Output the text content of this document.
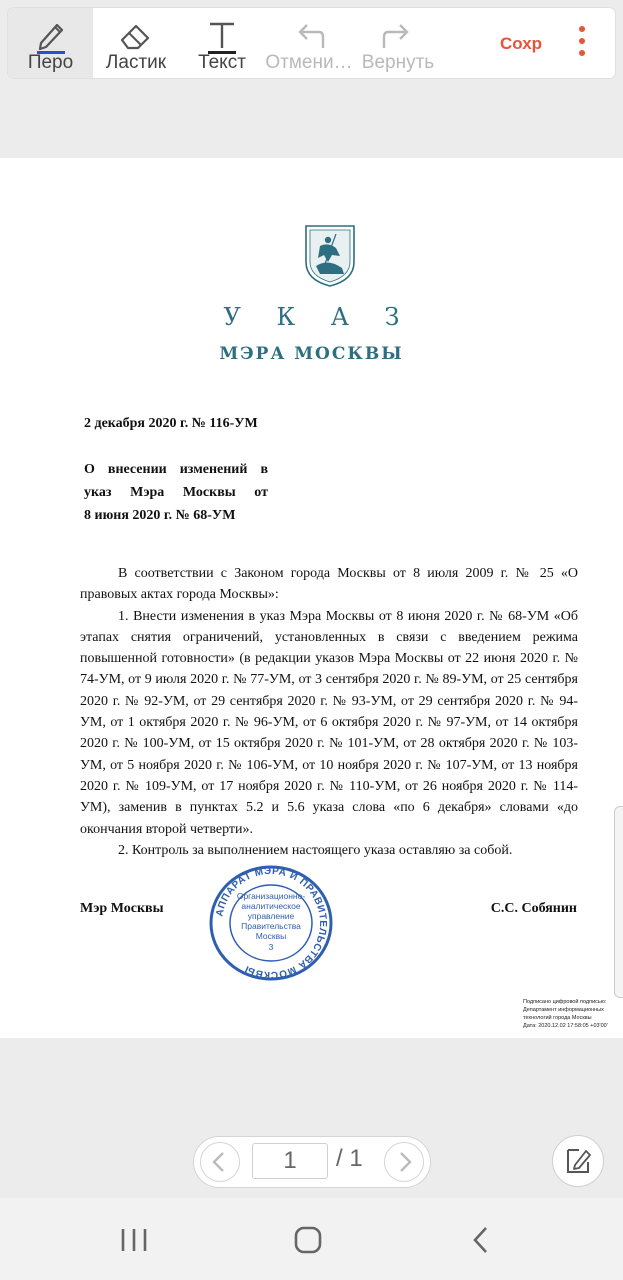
Перо	Ластик	Текст	Отмени… Вернуть
Сохр
У К А З
МЭРА МОСКВЫ
2 декабря 2020 г. № 116-УМ
О внесении изменений в
указ Мэра Москвы от
8 июня 2020 г. № 68-УМ

В соответствии с Законом города Москвы от 8 июля 2009 г. № 25 «О правовых актах города Москвы»:

1. Внести изменения в указ Мэра Москвы от 8 июня 2020 г. № 68-УМ «Об этапах снятия ограничений, установленных в связи с введением режима повышенной готовности» (в редакции указов Мэра Москвы от 22 июня 2020 г. № 74-УМ, от 9 июля 2020 г. № 77-УМ, от 3 сентября 2020 г. № 89-УМ, от 25 сентября 2020 г. № 92-УМ, от 29 сентября 2020 г. № 93-УМ, от 29 сентября 2020 г. № 94-УМ, от 1 октября 2020 г. № 96-УМ, от 6 октября 2020 г. № 97-УМ, от 14 октября 2020 г. № 100-УМ, от 15 октября 2020 г. № 101-УМ, от 28 октября 2020 г. № 103-УМ, от 5 ноября 2020 г. № 106-УМ, от 10 ноября 2020 г. № 107-УМ, от 13 ноября 2020 г. № 109-УМ, от 17 ноября 2020 г. № 110-УМ, от 26 ноября 2020 г. № 114-УМ), заменив в пунктах 5.2 и 5.6 указа слова «по 6 декабря» словами «до окончания второй четверти».

2. Контроль за выполнением настоящего указа оставляю за собой.

Мэр Москвы	С.С. Собянин
АППАРАТ МЭРА И ПРАВИТЕЛЬСТВА МОСКВЫ
Организационно-
аналитическое
управление
Правительства
Москвы
3
Подписано цифровой подписью:
Департамент информационных
технологий города Москвы
Дата: 2020.12.02 17:58:05 +03'00'
1	/ 1
